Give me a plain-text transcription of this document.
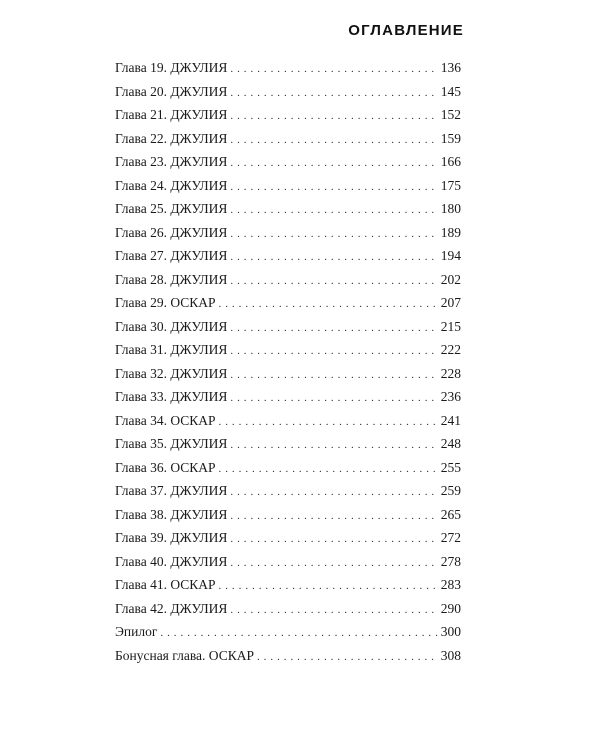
ОГЛАВЛЕНИЕ
Глава 19. ДЖУЛИЯ . . .	136
Глава 20. ДЖУЛИЯ . . .	145
Глава 21. ДЖУЛИЯ . . .	152
Глава 22. ДЖУЛИЯ . . .	159
Глава 23. ДЖУЛИЯ . . .	166
Глава 24. ДЖУЛИЯ . . .	175
Глава 25. ДЖУЛИЯ . . .	180
Глава 26. ДЖУЛИЯ . . .	189
Глава 27. ДЖУЛИЯ . . .	194
Глава 28. ДЖУЛИЯ . . .	202
Глава 29. ОСКАР . . .	207
Глава 30. ДЖУЛИЯ . . .	215
Глава 31. ДЖУЛИЯ . . .	222
Глава 32. ДЖУЛИЯ . . .	228
Глава 33. ДЖУЛИЯ . . .	236
Глава 34. ОСКАР . . .	241
Глава 35. ДЖУЛИЯ . . .	248
Глава 36. ОСКАР . . .	255
Глава 37. ДЖУЛИЯ . . .	259
Глава 38. ДЖУЛИЯ . . .	265
Глава 39. ДЖУЛИЯ . . .	272
Глава 40. ДЖУЛИЯ . . .	278
Глава 41. ОСКАР . . .	283
Глава 42. ДЖУЛИЯ . . .	290
Эпилог . . .	300
Бонусная глава. ОСКАР . . .	308
